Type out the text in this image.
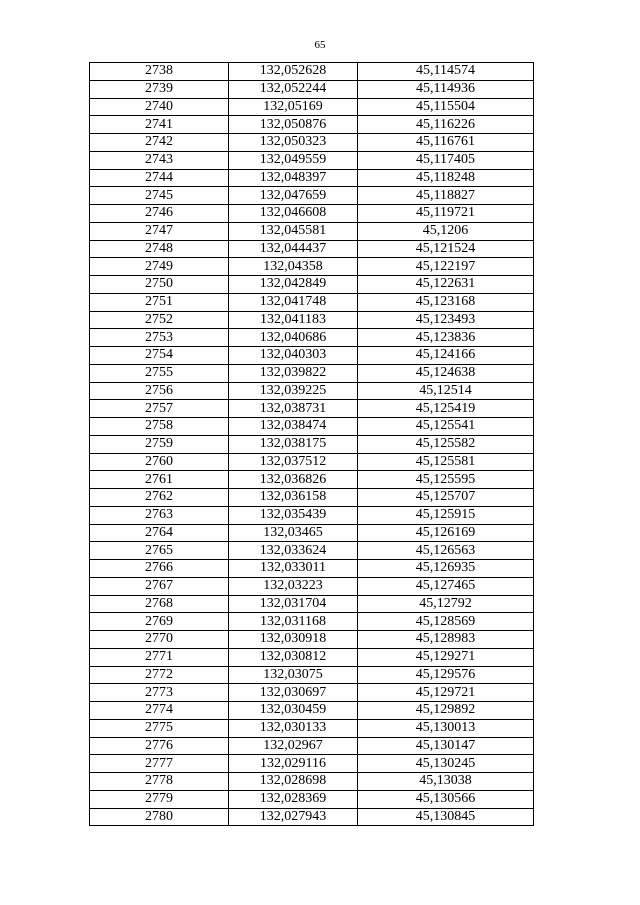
65
2738	132,052628	45,114574
2739	132,052244	45,114936
2740	132,05169	45,115504
2741	132,050876	45,116226
2742	132,050323	45,116761
2743	132,049559	45,117405
2744	132,048397	45,118248
2745	132,047659	45,118827
2746	132,046608	45,119721
2747	132,045581	45,1206
2748	132,044437	45,121524
2749	132,04358	45,122197
2750	132,042849	45,122631
2751	132,041748	45,123168
2752	132,041183	45,123493
2753	132,040686	45,123836
2754	132,040303	45,124166
2755	132,039822	45,124638
2756	132,039225	45,12514
2757	132,038731	45,125419
2758	132,038474	45,125541
2759	132,038175	45,125582
2760	132,037512	45,125581
2761	132,036826	45,125595
2762	132,036158	45,125707
2763	132,035439	45,125915
2764	132,03465	45,126169
2765	132,033624	45,126563
2766	132,033011	45,126935
2767	132,03223	45,127465
2768	132,031704	45,12792
2769	132,031168	45,128569
2770	132,030918	45,128983
2771	132,030812	45,129271
2772	132,03075	45,129576
2773	132,030697	45,129721
2774	132,030459	45,129892
2775	132,030133	45,130013
2776	132,02967	45,130147
2777	132,029116	45,130245
2778	132,028698	45,13038
2779	132,028369	45,130566
2780	132,027943	45,130845
